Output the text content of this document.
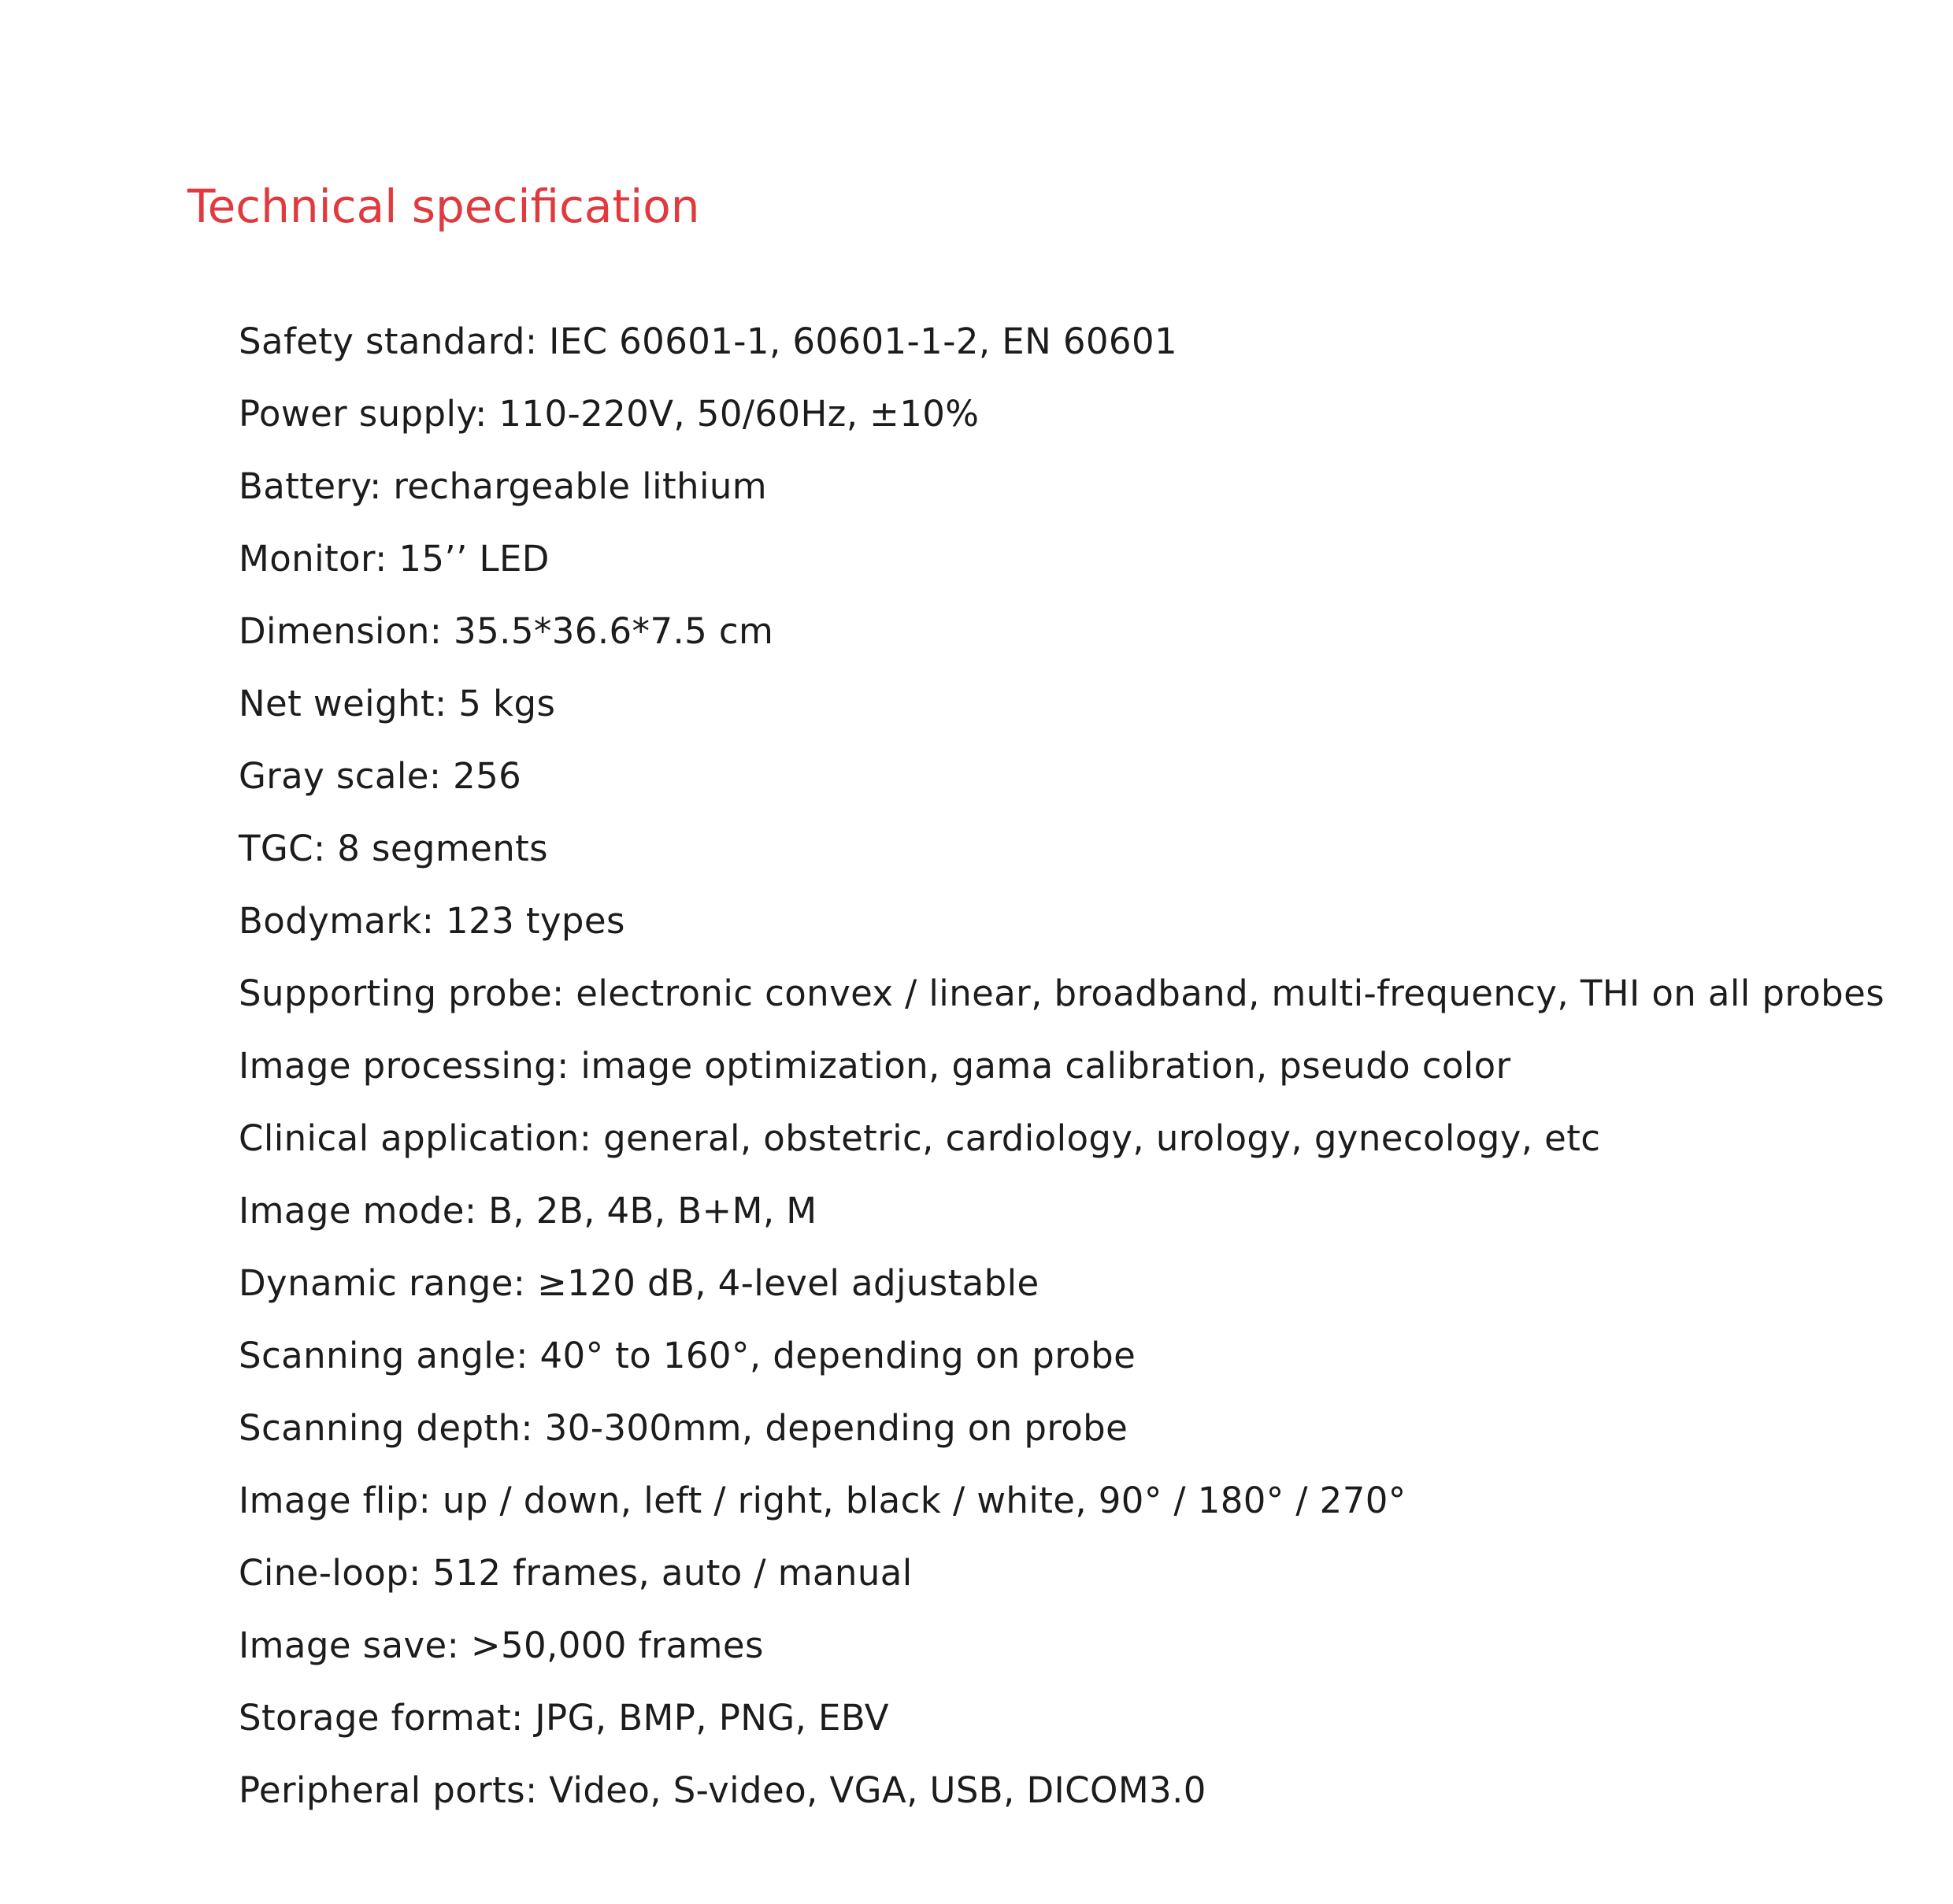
Technical specification
Safety standard: IEC 60601-1, 60601-1-2, EN 60601
Power supply: 110-220V, 50/60Hz, ±10%
Battery: rechargeable lithium
Monitor: 15’’ LED
Dimension: 35.5*36.6*7.5 cm
Net weight: 5 kgs
Gray scale: 256
TGC: 8 segments
Bodymark: 123 types
Supporting probe: electronic convex / linear, broadband, multi-frequency, THI on all probes
Image processing: image optimization, gama calibration, pseudo color
Clinical application: general, obstetric, cardiology, urology, gynecology, etc
Image mode: B, 2B, 4B, B+M, M
Dynamic range: ≥120 dB, 4-level adjustable
Scanning angle: 40° to 160°, depending on probe
Scanning depth: 30-300mm, depending on probe
Image flip: up / down, left / right, black / white, 90° / 180° / 270°
Cine-loop: 512 frames, auto / manual
Image save: >50,000 frames
Storage format: JPG, BMP, PNG, EBV
Peripheral ports: Video, S-video, VGA, USB, DICOM3.0
